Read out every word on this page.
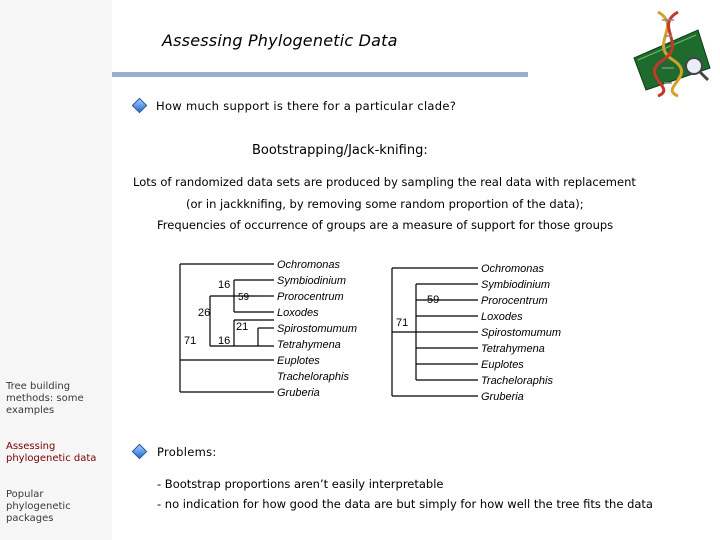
Tree building methods: some examples
Assessing phylogenetic data
Popular phylogenetic packages
Assessing Phylogenetic Data
How much support is there for a particular clade?
Bootstrapping/Jack-knifing:
Lots of randomized data sets are produced by sampling the real data with replacement
(or in jackknifing, by removing some random proportion of the data);
Frequencies of occurrence of groups are a measure of support for those groups
Ochromonas
Symbiodinium
Prorocentrum
Loxodes
Spirostomumum
Tetrahymena
Euplotes
Tracheloraphis
Gruberia
16
59
26
21
71 16
Ochromonas
Symbiodinium
Prorocentrum
Loxodes
Spirostomumum
Tetrahymena
Euplotes
Tracheloraphis
Gruberia
59
71
Problems:
- Bootstrap proportions aren’t easily interpretable
- no indication for how good the data are but simply for how well the tree fits the data
